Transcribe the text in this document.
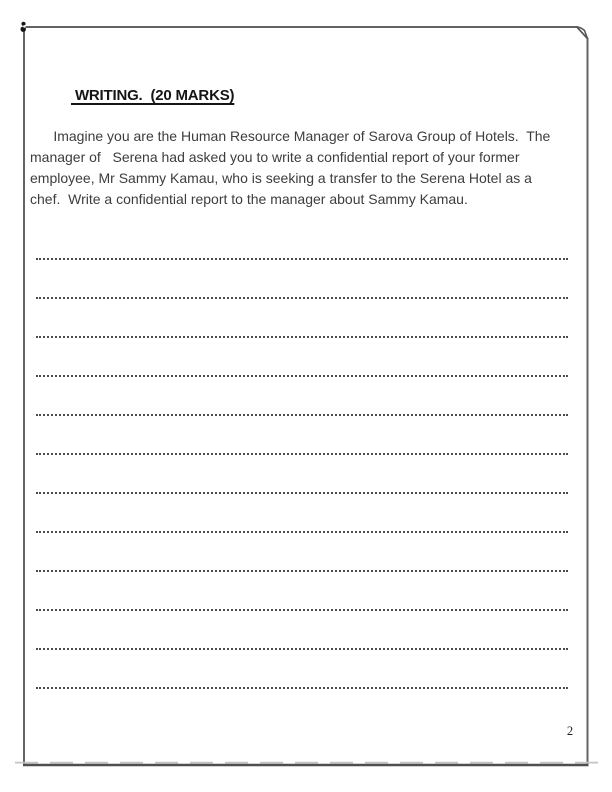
WRITING.  (20 MARKS)
Imagine you are the Human Resource Manager of Sarova Group of Hotels.  The
manager of   Serena had asked you to write a confidential report of your former
employee, Mr Sammy Kamau, who is seeking a transfer to the Serena Hotel as a
chef.  Write a confidential report to the manager about Sammy Kamau.
2
